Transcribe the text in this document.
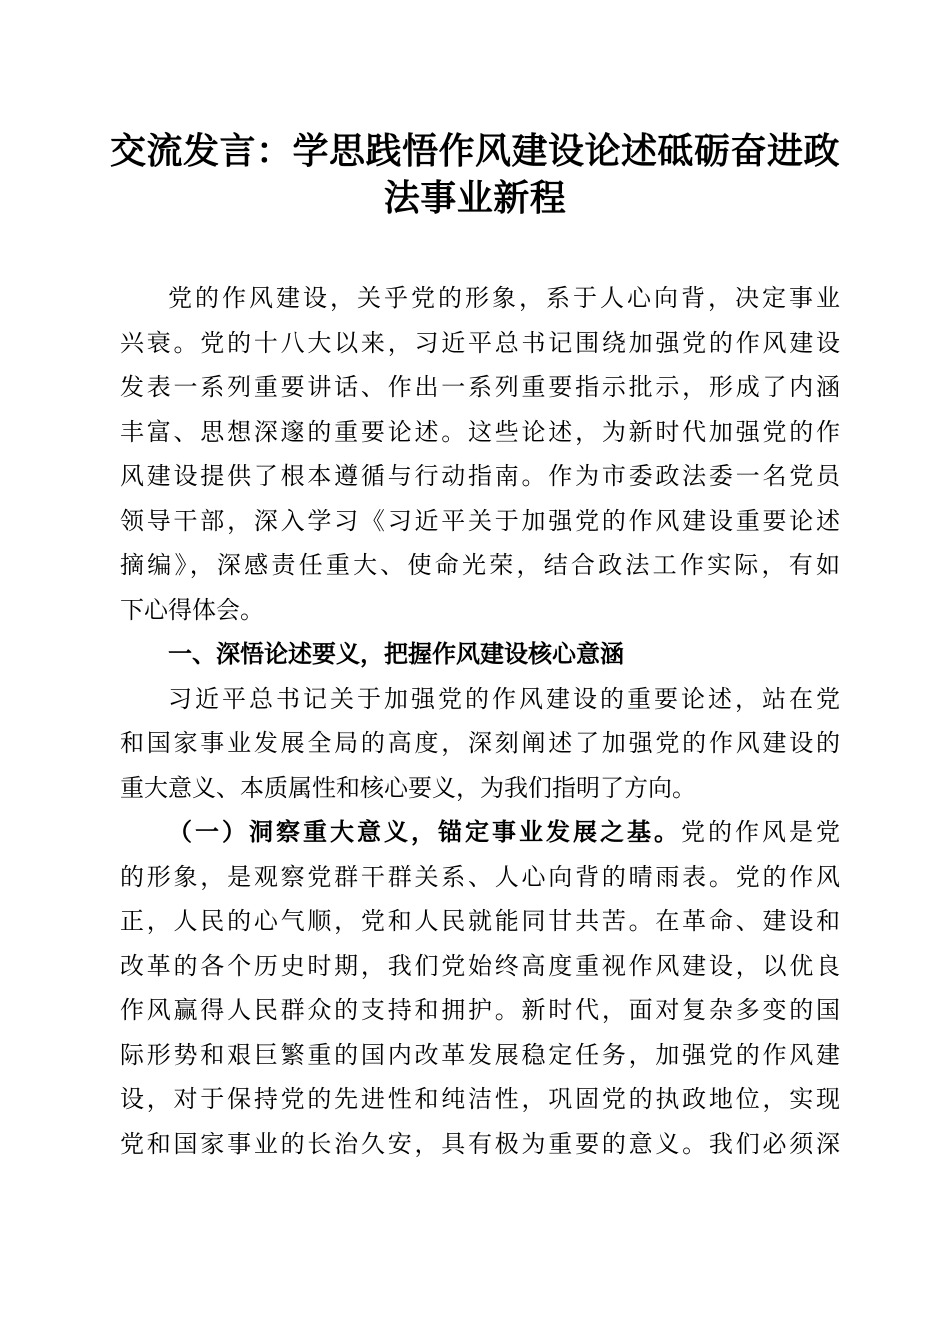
交流发言：学思践悟作风建设论述砥砺奋进政
法事业新程
党的作风建设，关乎党的形象，系于人心向背，决定事业
兴衰。党的十八大以来，习近平总书记围绕加强党的作风建设
发表一系列重要讲话、作出一系列重要指示批示，形成了内涵
丰富、思想深邃的重要论述。这些论述，为新时代加强党的作
风建设提供了根本遵循与行动指南。作为市委政法委一名党员
领导干部，深入学习《习近平关于加强党的作风建设重要论述
摘编》，深感责任重大、使命光荣，结合政法工作实际，有如
下心得体会。
一、深悟论述要义，把握作风建设核心意涵
习近平总书记关于加强党的作风建设的重要论述，站在党
和国家事业发展全局的高度，深刻阐述了加强党的作风建设的
重大意义、本质属性和核心要义，为我们指明了方向。
（一）洞察重大意义，锚定事业发展之基。党的作风是党
的形象，是观察党群干群关系、人心向背的晴雨表。党的作风
正，人民的心气顺，党和人民就能同甘共苦。在革命、建设和
改革的各个历史时期，我们党始终高度重视作风建设，以优良
作风赢得人民群众的支持和拥护。新时代，面对复杂多变的国
际形势和艰巨繁重的国内改革发展稳定任务，加强党的作风建
设，对于保持党的先进性和纯洁性，巩固党的执政地位，实现
党和国家事业的长治久安，具有极为重要的意义。我们必须深
